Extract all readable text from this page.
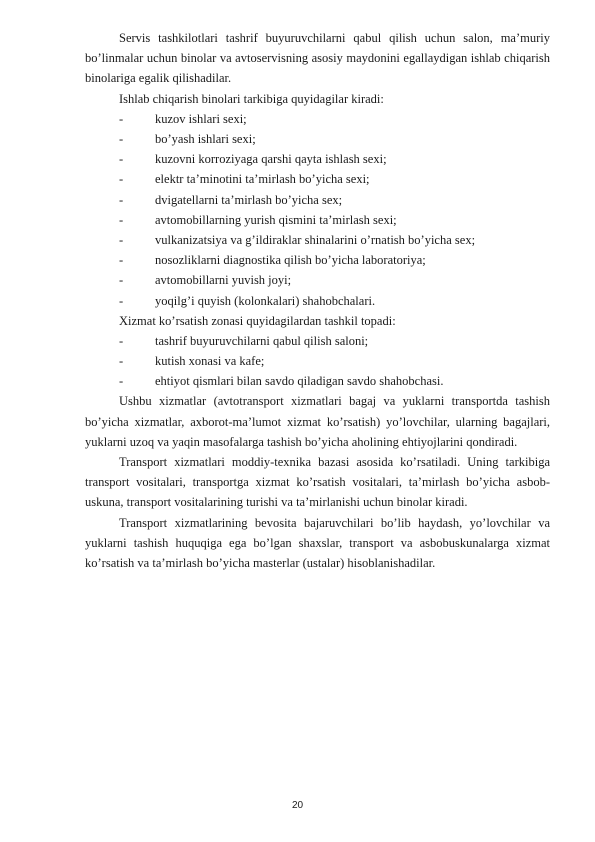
Servis tashkilotlari tashrif buyuruvchilarni qabul qilish uchun salon, ma’muriy bo’linmalar uchun binolar va avtoservisning asosiy maydonini egallaydigan ishlab chiqarish binolariga egalik qilishadilar.

Ishlab chiqarish binolari tarkibiga quyidagilar kiradi:

-	kuzov ishlari sexi;
-	bo’yash ishlari sexi;
-	kuzovni korroziyaga qarshi qayta ishlash sexi;
-	elektr ta’minotini ta’mirlash bo’yicha sexi;
-	dvigatellarni ta’mirlash bo’yicha sex;
-	avtomobillarning yurish qismini ta’mirlash sexi;
-	vulkanizatsiya va g’ildiraklar shinalarini o’rnatish bo’yicha sex;
-	nosozliklarni diagnostika qilish bo’yicha laboratoriya;
-	avtomobillarni yuvish joyi;
-	yoqilg’i quyish (kolonkalari) shahobchalari.

Xizmat ko’rsatish zonasi quyidagilardan tashkil topadi:

-	tashrif buyuruvchilarni qabul qilish saloni;
-	kutish xonasi va kafe;
-	ehtiyot qismlari bilan savdo qiladigan savdo shahobchasi.

Ushbu xizmatlar (avtotransport xizmatlari bagaj va yuklarni transportda tashish bo’yicha xizmatlar, axborot-ma’lumot xizmat ko’rsatish) yo’lovchilar, ularning bagajlari, yuklarni uzoq va yaqin masofalarga tashish bo’yicha aholining ehtiyojlarini qondiradi.

Transport xizmatlari moddiy-texnika bazasi asosida ko’rsatiladi. Uning tarkibiga transport vositalari, transportga xizmat ko’rsatish vositalari, ta’mirlash bo’yicha asbob-uskuna, transport vositalarining turishi va ta’mirlanishi uchun binolar kiradi.

Transport xizmatlarining bevosita bajaruvchilari bo’lib haydash, yo’lovchilar va yuklarni tashish huquqiga ega bo’lgan shaxslar, transport va asbobuskunalarga xizmat ko’rsatish va ta’mirlash bo’yicha masterlar (ustalar) hisoblanishadilar.

20
